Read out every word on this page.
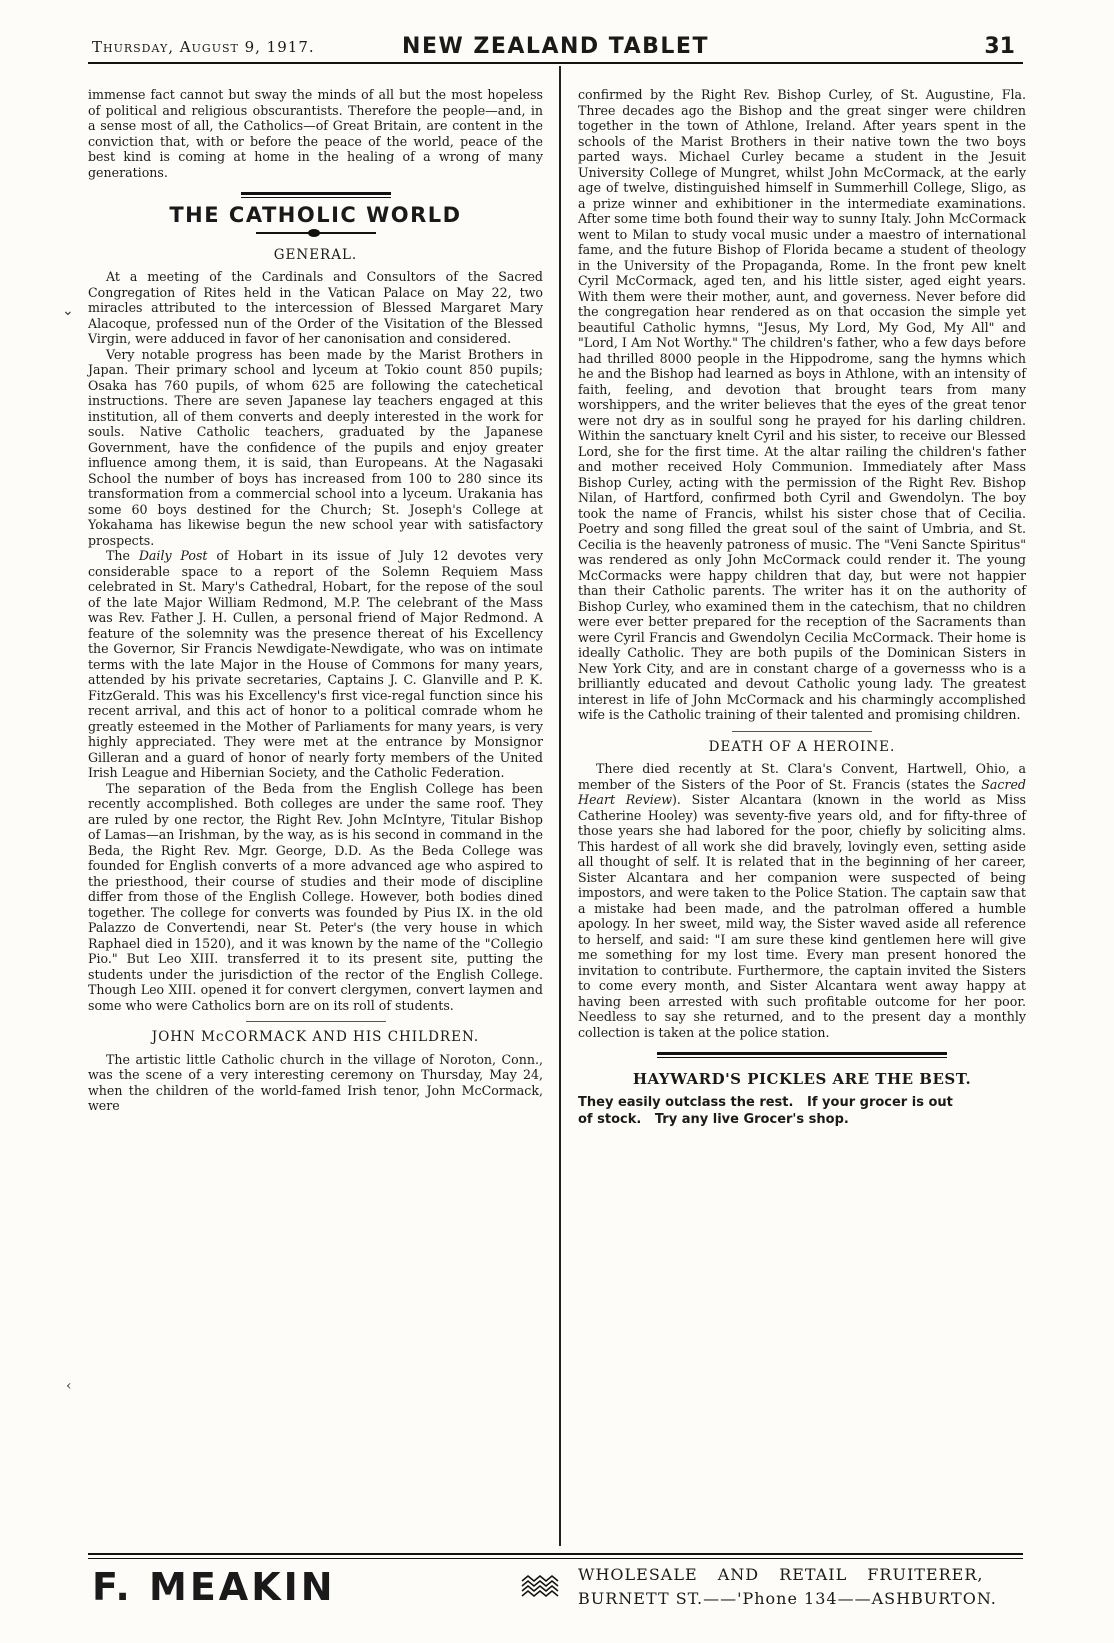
Thursday, August 9, 1917.	NEW ZEALAND TABLET	31
⌄
‹

immense fact cannot but sway the minds of all but the most hopeless of political and religious obscurantists. Therefore the people—and, in a sense most of all, the Catholics—of Great Britain, are content in the conviction that, with or before the peace of the world, peace of the best kind is coming at home in the healing of a wrong of many generations.

THE CATHOLIC WORLD
GENERAL.

At a meeting of the Cardinals and Consultors of the Sacred Congregation of Rites held in the Vatican Palace on May 22, two miracles attributed to the intercession of Blessed Margaret Mary Alacoque, professed nun of the Order of the Visitation of the Blessed Virgin, were adduced in favor of her canonisation and considered.

Very notable progress has been made by the Marist Brothers in Japan. Their primary school and lyceum at Tokio count 850 pupils; Osaka has 760 pupils, of whom 625 are following the catechetical instructions. There are seven Japanese lay teachers engaged at this institution, all of them converts and deeply interested in the work for souls. Native Catholic teachers, graduated by the Japanese Government, have the confidence of the pupils and enjoy greater influence among them, it is said, than Europeans. At the Nagasaki School the number of boys has increased from 100 to 280 since its transformation from a commercial school into a lyceum. Urakania has some 60 boys destined for the Church; St. Joseph's College at Yokahama has likewise begun the new school year with satisfactory prospects.

The Daily Post of Hobart in its issue of July 12 devotes very considerable space to a report of the Solemn Requiem Mass celebrated in St. Mary's Cathedral, Hobart, for the repose of the soul of the late Major William Redmond, M.P. The celebrant of the Mass was Rev. Father J. H. Cullen, a personal friend of Major Redmond. A feature of the solemnity was the presence thereat of his Excellency the Governor, Sir Francis Newdigate-Newdigate, who was on intimate terms with the late Major in the House of Commons for many years, attended by his private secretaries, Captains J. C. Glanville and P. K. FitzGerald. This was his Excellency's first vice-regal function since his recent arrival, and this act of honor to a political comrade whom he greatly esteemed in the Mother of Parliaments for many years, is very highly appreciated. They were met at the entrance by Monsignor Gilleran and a guard of honor of nearly forty members of the United Irish League and Hibernian Society, and the Catholic Federation.

The separation of the Beda from the English College has been recently accomplished. Both colleges are under the same roof. They are ruled by one rector, the Right Rev. John McIntyre, Titular Bishop of Lamas—an Irishman, by the way, as is his second in command in the Beda, the Right Rev. Mgr. George, D.D. As the Beda College was founded for English converts of a more advanced age who aspired to the priesthood, their course of studies and their mode of discipline differ from those of the English College. However, both bodies dined together. The college for converts was founded by Pius IX. in the old Palazzo de Convertendi, near St. Peter's (the very house in which Raphael died in 1520), and it was known by the name of the "Collegio Pio." But Leo XIII. transferred it to its present site, putting the students under the jurisdiction of the rector of the English College. Though Leo XIII. opened it for convert clergymen, convert laymen and some who were Catholics born are on its roll of students.

JOHN McCORMACK AND HIS CHILDREN.

The artistic little Catholic church in the village of Noroton, Conn., was the scene of a very interesting ceremony on Thursday, May 24, when the children of the world-famed Irish tenor, John McCormack, were

confirmed by the Right Rev. Bishop Curley, of St. Augustine, Fla. Three decades ago the Bishop and the great singer were children together in the town of Athlone, Ireland. After years spent in the schools of the Marist Brothers in their native town the two boys parted ways. Michael Curley became a student in the Jesuit University College of Mungret, whilst John McCormack, at the early age of twelve, distinguished himself in Summerhill College, Sligo, as a prize winner and exhibitioner in the intermediate examinations. After some time both found their way to sunny Italy. John McCormack went to Milan to study vocal music under a maestro of international fame, and the future Bishop of Florida became a student of theology in the University of the Propaganda, Rome. In the front pew knelt Cyril McCormack, aged ten, and his little sister, aged eight years. With them were their mother, aunt, and governess. Never before did the congregation hear rendered as on that occasion the simple yet beautiful Catholic hymns, "Jesus, My Lord, My God, My All" and "Lord, I Am Not Worthy." The children's father, who a few days before had thrilled 8000 people in the Hippodrome, sang the hymns which he and the Bishop had learned as boys in Athlone, with an intensity of faith, feeling, and devotion that brought tears from many worshippers, and the writer believes that the eyes of the great tenor were not dry as in soulful song he prayed for his darling children. Within the sanctuary knelt Cyril and his sister, to receive our Blessed Lord, she for the first time. At the altar railing the children's father and mother received Holy Communion. Immediately after Mass Bishop Curley, acting with the permission of the Right Rev. Bishop Nilan, of Hartford, confirmed both Cyril and Gwendolyn. The boy took the name of Francis, whilst his sister chose that of Cecilia. Poetry and song filled the great soul of the saint of Umbria, and St. Cecilia is the heavenly patroness of music. The "Veni Sancte Spiritus" was rendered as only John McCormack could render it. The young McCormacks were happy children that day, but were not happier than their Catholic parents. The writer has it on the authority of Bishop Curley, who examined them in the catechism, that no children were ever better prepared for the reception of the Sacraments than were Cyril Francis and Gwendolyn Cecilia McCormack. Their home is ideally Catholic. They are both pupils of the Dominican Sisters in New York City, and are in constant charge of a governesss who is a brilliantly educated and devout Catholic young lady. The greatest interest in life of John McCormack and his charmingly accomplished wife is the Catholic training of their talented and promising children.

DEATH OF A HEROINE.

There died recently at St. Clara's Convent, Hartwell, Ohio, a member of the Sisters of the Poor of St. Francis (states the Sacred Heart Review). Sister Alcantara (known in the world as Miss Catherine Hooley) was seventy-five years old, and for fifty-three of those years she had labored for the poor, chiefly by soliciting alms. This hardest of all work she did bravely, lovingly even, setting aside all thought of self. It is related that in the beginning of her career, Sister Alcantara and her companion were suspected of being impostors, and were taken to the Police Station. The captain saw that a mistake had been made, and the patrolman offered a humble apology. In her sweet, mild way, the Sister waved aside all reference to herself, and said: "I am sure these kind gentlemen here will give me something for my lost time. Every man present honored the invitation to contribute. Furthermore, the captain invited the Sisters to come every month, and Sister Alcantara went away happy at having been arrested with such profitable outcome for her poor. Needless to say she returned, and to the present day a monthly collection is taken at the police station.

HAYWARD'S PICKLES ARE THE BEST.
They easily outclass the rest.   If your grocer is out
of stock.   Try any live Grocer's shop.
F. MEAKIN	WHOLESALE AND RETAIL FRUITERER,
BURNETT ST.——'Phone 134——ASHBURTON.
